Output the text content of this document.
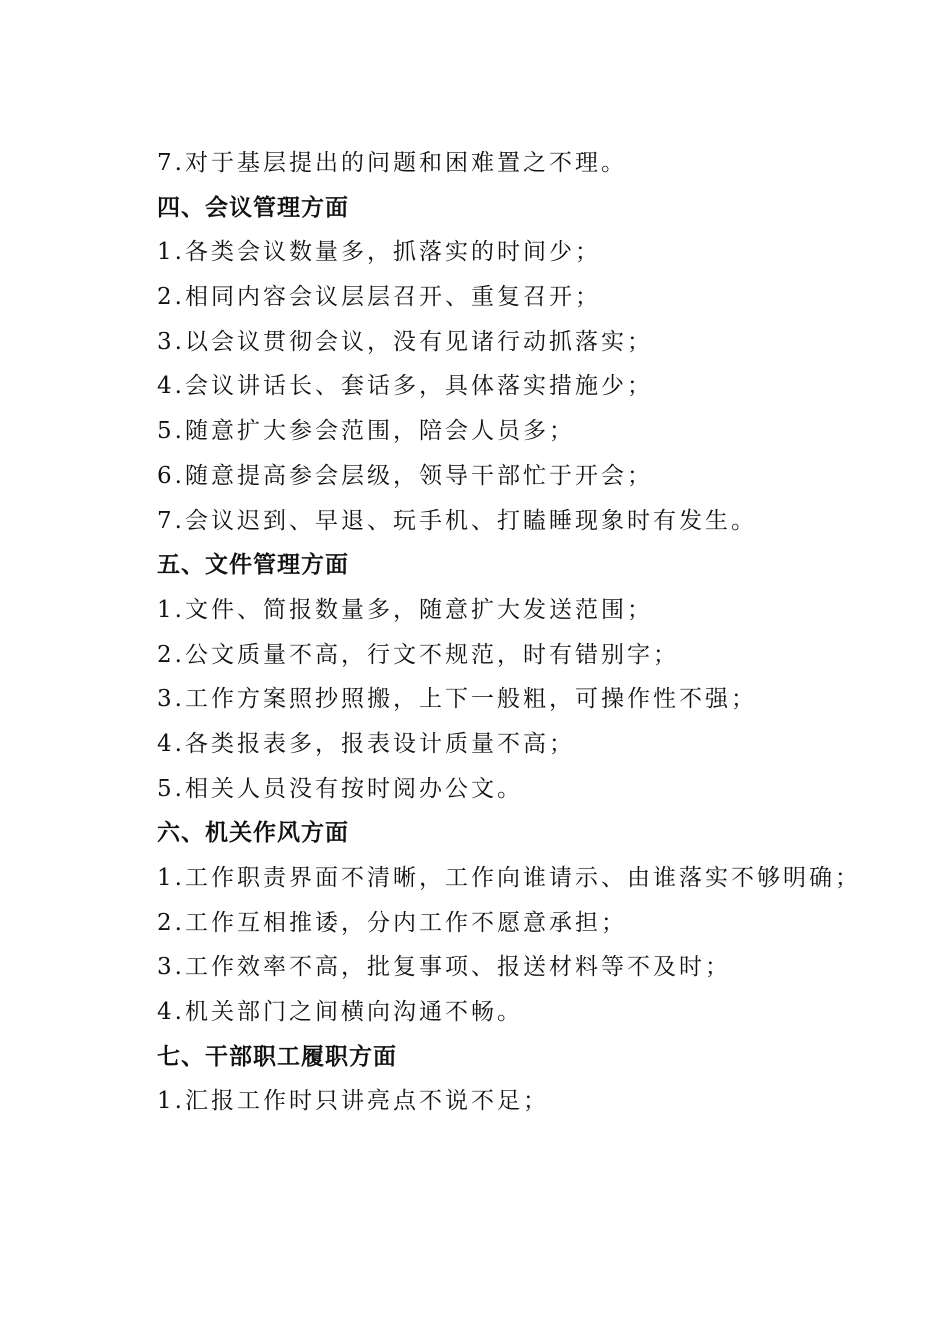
7.对于基层提出的问题和困难置之不理。
四、会议管理方面
1.各类会议数量多，抓落实的时间少；
2.相同内容会议层层召开、重复召开；
3.以会议贯彻会议，没有见诸行动抓落实；
4.会议讲话长、套话多，具体落实措施少；
5.随意扩大参会范围，陪会人员多；
6.随意提高参会层级，领导干部忙于开会；
7.会议迟到、早退、玩手机、打瞌睡现象时有发生。
五、文件管理方面
1.文件、简报数量多，随意扩大发送范围；
2.公文质量不高，行文不规范，时有错别字；
3.工作方案照抄照搬，上下一般粗，可操作性不强；
4.各类报表多，报表设计质量不高；
5.相关人员没有按时阅办公文。
六、机关作风方面
1.工作职责界面不清晰，工作向谁请示、由谁落实不够明确；
2.工作互相推诿，分内工作不愿意承担；
3.工作效率不高，批复事项、报送材料等不及时；
4.机关部门之间横向沟通不畅。
七、干部职工履职方面
1.汇报工作时只讲亮点不说不足；
